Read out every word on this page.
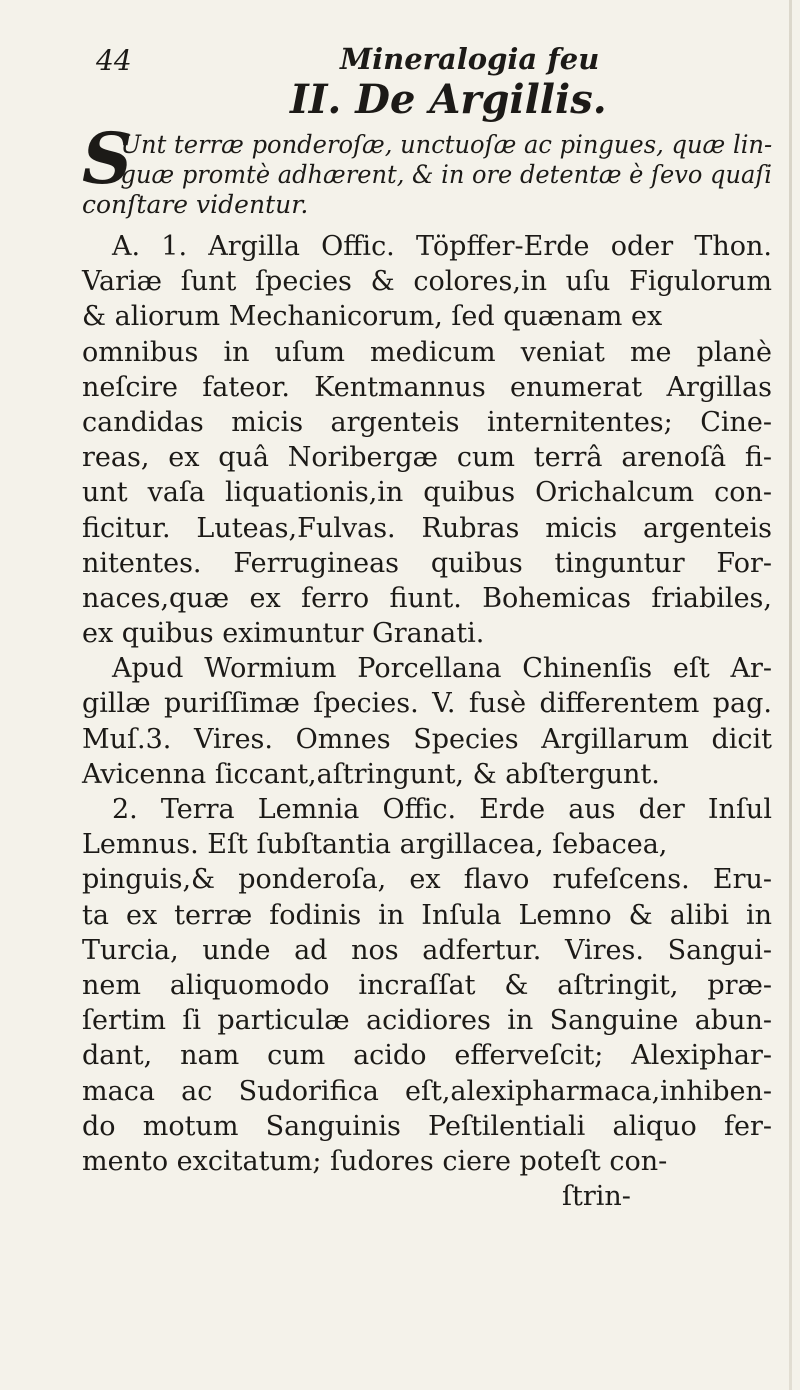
44	Mineralogia feu
II. De Argillis.
S
Unt terræ ponderoſæ, unctuoſæ ac pingues, quæ lin-
guæ promtè adhærent, & in ore detentæ è ſevo quaſi
conſtare videntur.
A. 1. Argilla Offic. Töpffer-Erde oder Thon.
Variæ ſunt ſpecies & colores,in uſu Figulorum
& aliorum Mechanicorum, ſed quænam ex
omnibus in uſum medicum veniat me planè
neſcire fateor. Kentmannus enumerat Argillas
candidas micis argenteis internitentes; Cine-
reas, ex quâ Noribergæ cum terrâ arenoſâ fi-
unt vaſa liquationis,in quibus Orichalcum con-
ficitur. Luteas,Fulvas. Rubras micis argenteis
nitentes. Ferrugineas quibus tinguntur For-
naces,quæ ex ferro fiunt. Bohemicas friabiles,
ex quibus eximuntur Granati.
Apud Wormium Porcellana Chinenſis eſt Ar-
gillæ puriſſimæ ſpecies. V. fusè differentem pag.
Muſ.3. Vires. Omnes Species Argillarum dicit
Avicenna ſiccant,aſtringunt, & abſtergunt.
2. Terra Lemnia Offic. Erde aus der Inſul
Lemnus. Eſt ſubſtantia argillacea, ſebacea,
pinguis,& ponderoſa, ex flavo rufeſcens. Eru-
ta ex terræ fodinis in Inſula Lemno & alibi in
Turcia, unde ad nos adfertur. Vires. Sangui-
nem aliquomodo incraſſat & aſtringit, præ-
ſertim ſi particulæ acidiores in Sanguine abun-
dant, nam cum acido efferveſcit; Alexiphar-
maca ac Sudorifica eſt,alexipharmaca,inhiben-
do motum Sanguinis Peſtilentiali aliquo fer-
mento excitatum; ſudores ciere poteſt con-
ſtrin-
